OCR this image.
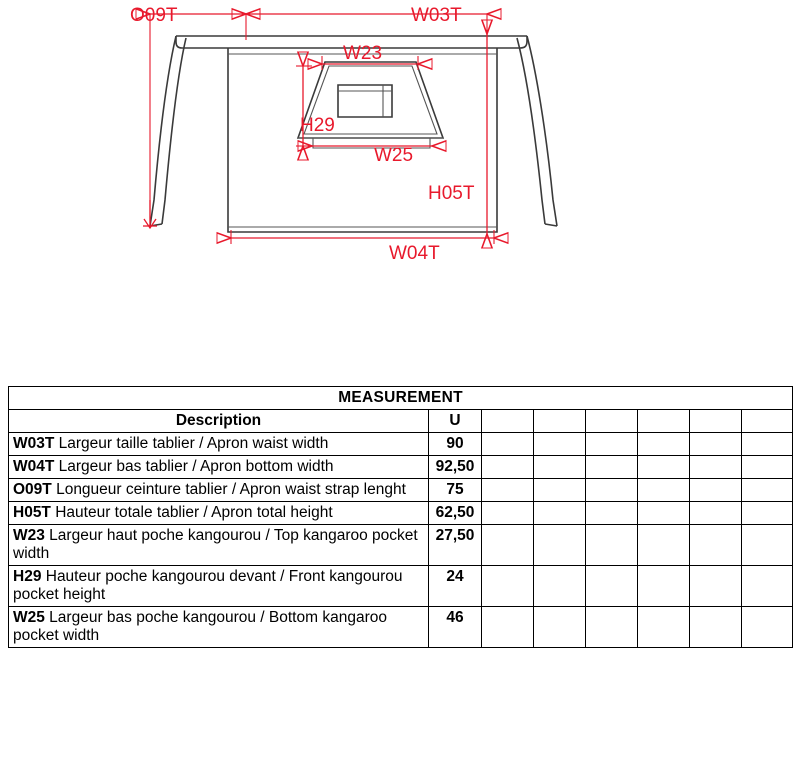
O09T	W03T
W23
H29
W25
H05T
W04T
MEASUREMENT							
Description	U						
W03T Largeur taille tablier / Apron waist width	90						
W04T Largeur bas tablier / Apron bottom width	92,50						
O09T Longueur ceinture tablier / Apron waist strap lenght	75						
H05T Hauteur totale tablier / Apron total height	62,50						
W23 Largeur haut poche kangourou / Top kangaroo pocket width	27,50						
H29 Hauteur poche kangourou devant / Front kangourou pocket height	24						
W25 Largeur bas poche kangourou / Bottom kangaroo pocket width	46						
